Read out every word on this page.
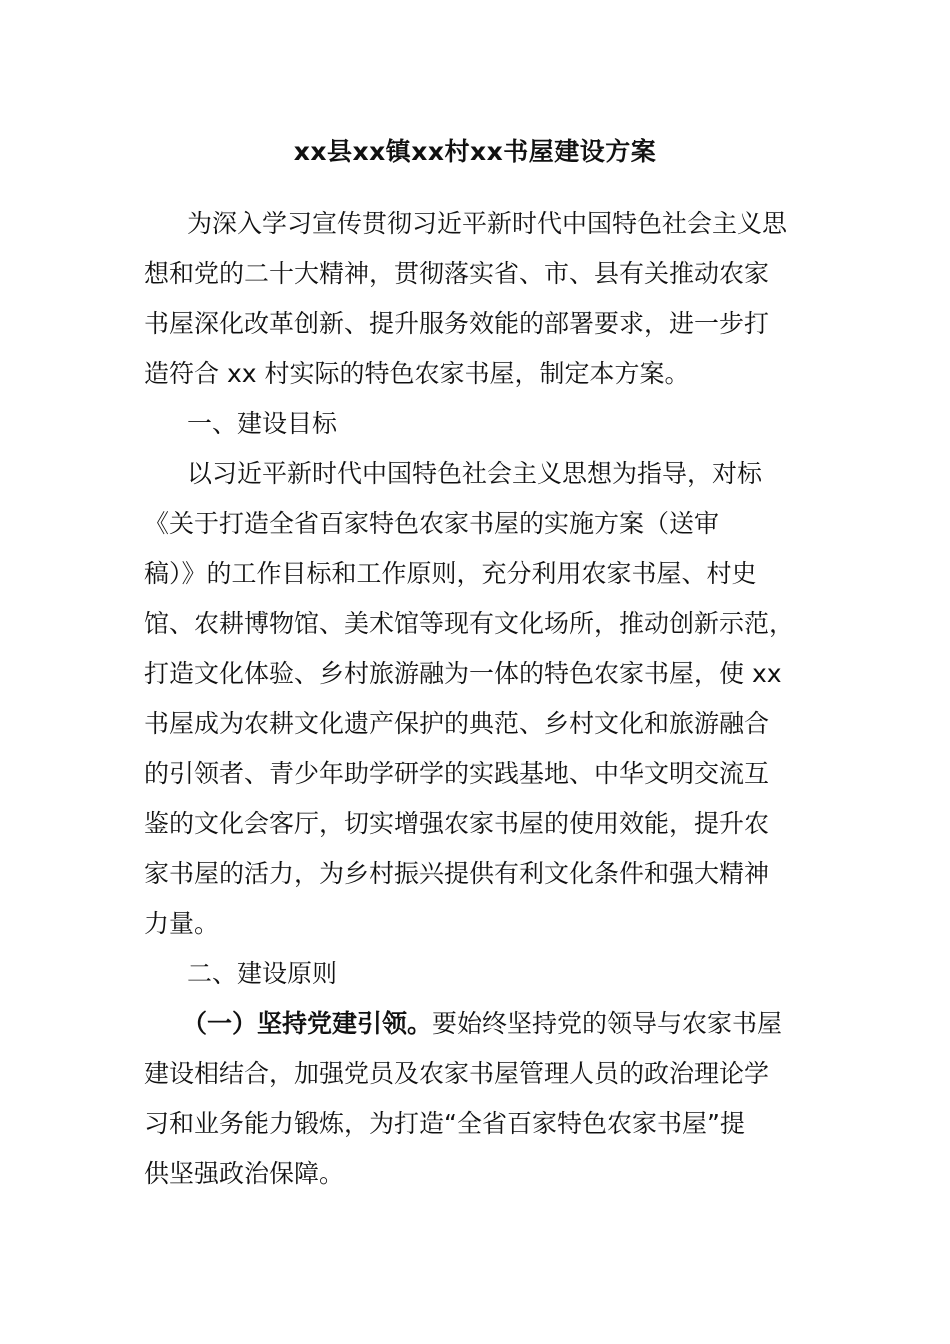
xx县xx镇xx村xx书屋建设方案
为深入学习宣传贯彻习近平新时代中国特色社会主义思
想和党的二十大精神，贯彻落实省、市、县有关推动农家
书屋深化改革创新、提升服务效能的部署要求，进一步打
造符合 xx 村实际的特色农家书屋，制定本方案。
一、建设目标
以习近平新时代中国特色社会主义思想为指导，对标
《关于打造全省百家特色农家书屋的实施方案（送审
稿）》的工作目标和工作原则，充分利用农家书屋、村史
馆、农耕博物馆、美术馆等现有文化场所，推动创新示范，
打造文化体验、乡村旅游融为一体的特色农家书屋，使 xx
书屋成为农耕文化遗产保护的典范、乡村文化和旅游融合
的引领者、青少年助学研学的实践基地、中华文明交流互
鉴的文化会客厅，切实增强农家书屋的使用效能，提升农
家书屋的活力，为乡村振兴提供有利文化条件和强大精神
力量。
二、建设原则
（一）坚持党建引领。要始终坚持党的领导与农家书屋
建设相结合，加强党员及农家书屋管理人员的政治理论学
习和业务能力锻炼，为打造“全省百家特色农家书屋”提
供坚强政治保障。
